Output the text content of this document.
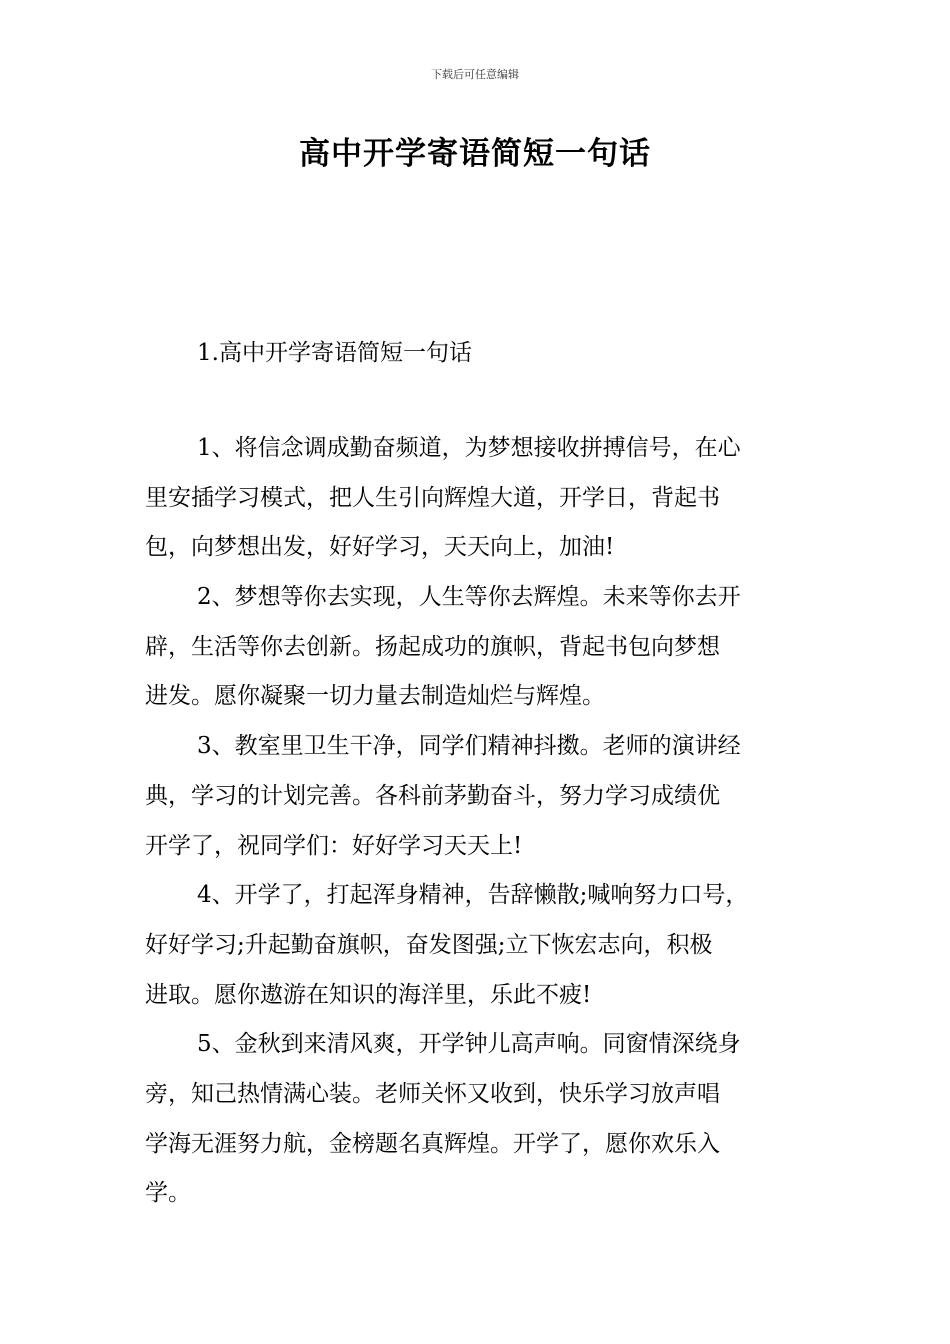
下载后可任意编辑
高中开学寄语简短一句话
1.高中开学寄语简短一句话
1、将信念调成勤奋频道，为梦想接收拼搏信号，在心
里安插学习模式，把人生引向辉煌大道，开学日，背起书
包，向梦想出发，好好学习，天天向上，加油!
2、梦想等你去实现，人生等你去辉煌。未来等你去开
辟，生活等你去创新。扬起成功的旗帜，背起书包向梦想
进发。愿你凝聚一切力量去制造灿烂与辉煌。
3、教室里卫生干净，同学们精神抖擞。老师的演讲经
典，学习的计划完善。各科前茅勤奋斗，努力学习成绩优
开学了，祝同学们：好好学习天天上!
4、开学了，打起浑身精神，告辞懒散;喊响努力口号，
好好学习;升起勤奋旗帜，奋发图强;立下恢宏志向，积极
进取。愿你遨游在知识的海洋里，乐此不疲!
5、金秋到来清风爽，开学钟儿高声响。同窗情深绕身
旁，知己热情满心装。老师关怀又收到，快乐学习放声唱
学海无涯努力航，金榜题名真辉煌。开学了，愿你欢乐入
学。
